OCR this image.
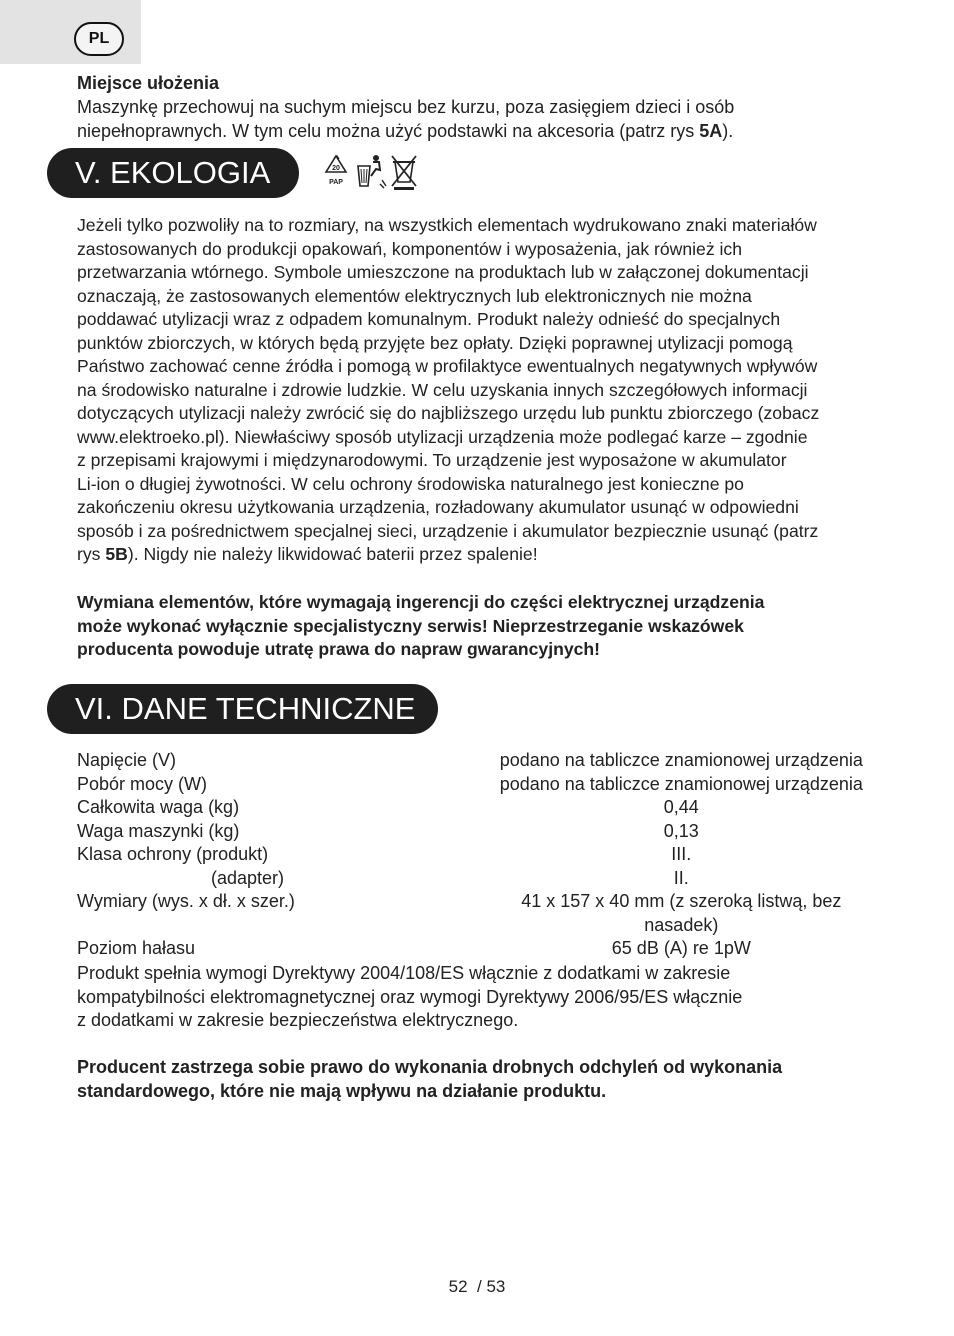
PL

Miejsce ułożenia

Maszynkę przechowuj na suchym miejscu bez kurzu, poza zasięgiem dzieci i osób
niepełnoprawnych. W tym celu można użyć podstawki na akcesoria (patrz rys 5A).

V. EKOLOGIA	20
PAP

Jeżeli tylko pozwoliły na to rozmiary, na wszystkich elementach wydrukowano znaki materiałów
zastosowanych do produkcji opakowań, komponentów i wyposażenia, jak również ich
przetwarzania wtórnego. Symbole umieszczone na produktach lub w załączonej dokumentacji
oznaczają, że zastosowanych elementów elektrycznych lub elektronicznych nie można
poddawać utylizacji wraz z odpadem komunalnym. Produkt należy odnieść do specjalnych
punktów zbiorczych, w których będą przyjęte bez opłaty. Dzięki poprawnej utylizacji pomogą
Państwo zachować cenne źródła i pomogą w profilaktyce ewentualnych negatywnych wpływów
na środowisko naturalne i zdrowie ludzkie. W celu uzyskania innych szczegółowych informacji
dotyczących utylizacji należy zwrócić się do najbliższego urzędu lub punktu zbiorczego (zobacz
www.elektroeko.pl). Niewłaściwy sposób utylizacji urządzenia może podlegać karze – zgodnie
z przepisami krajowymi i międzynarodowymi. To urządzenie jest wyposażone w akumulator
Li-ion o długiej żywotności. W celu ochrony środowiska naturalnego jest konieczne po
zakończeniu okresu użytkowania urządzenia, rozładowany akumulator usunąć w odpowiedni
sposób i za pośrednictwem specjalnej sieci, urządzenie i akumulator bezpiecznie usunąć (patrz
rys 5B). Nigdy nie należy likwidować baterii przez spalenie!

Wymiana elementów, które wymagają ingerencji do części elektrycznej urządzenia
może wykonać wyłącznie specjalistyczny serwis! Nieprzestrzeganie wskazówek
producenta powoduje utratę prawa do napraw gwarancyjnych!

VI. DANE TECHNICZNE
Napięcie (V)	podano na tabliczce znamionowej urządzenia
Pobór mocy (W)	podano na tabliczce znamionowej urządzenia
Całkowita waga (kg)	0,44
Waga maszynki (kg)	0,13
Klasa ochrony (produkt)	III.
(adapter)	II.
Wymiary (wys. x dł. x szer.)	41 x 157 x 40 mm (z szeroką listwą, bez nasadek)
Poziom hałasu	65 dB (A) re 1pW

Produkt spełnia wymogi Dyrektywy 2004/108/ES włącznie z dodatkami w zakresie
kompatybilności elektromagnetycznej oraz wymogi Dyrektywy 2006/95/ES włącznie
z dodatkami w zakresie bezpieczeństwa elektrycznego.

Producent zastrzega sobie prawo do wykonania drobnych odchyleń od wykonania
standardowego, które nie mają wpływu na działanie produktu.

52  / 53
